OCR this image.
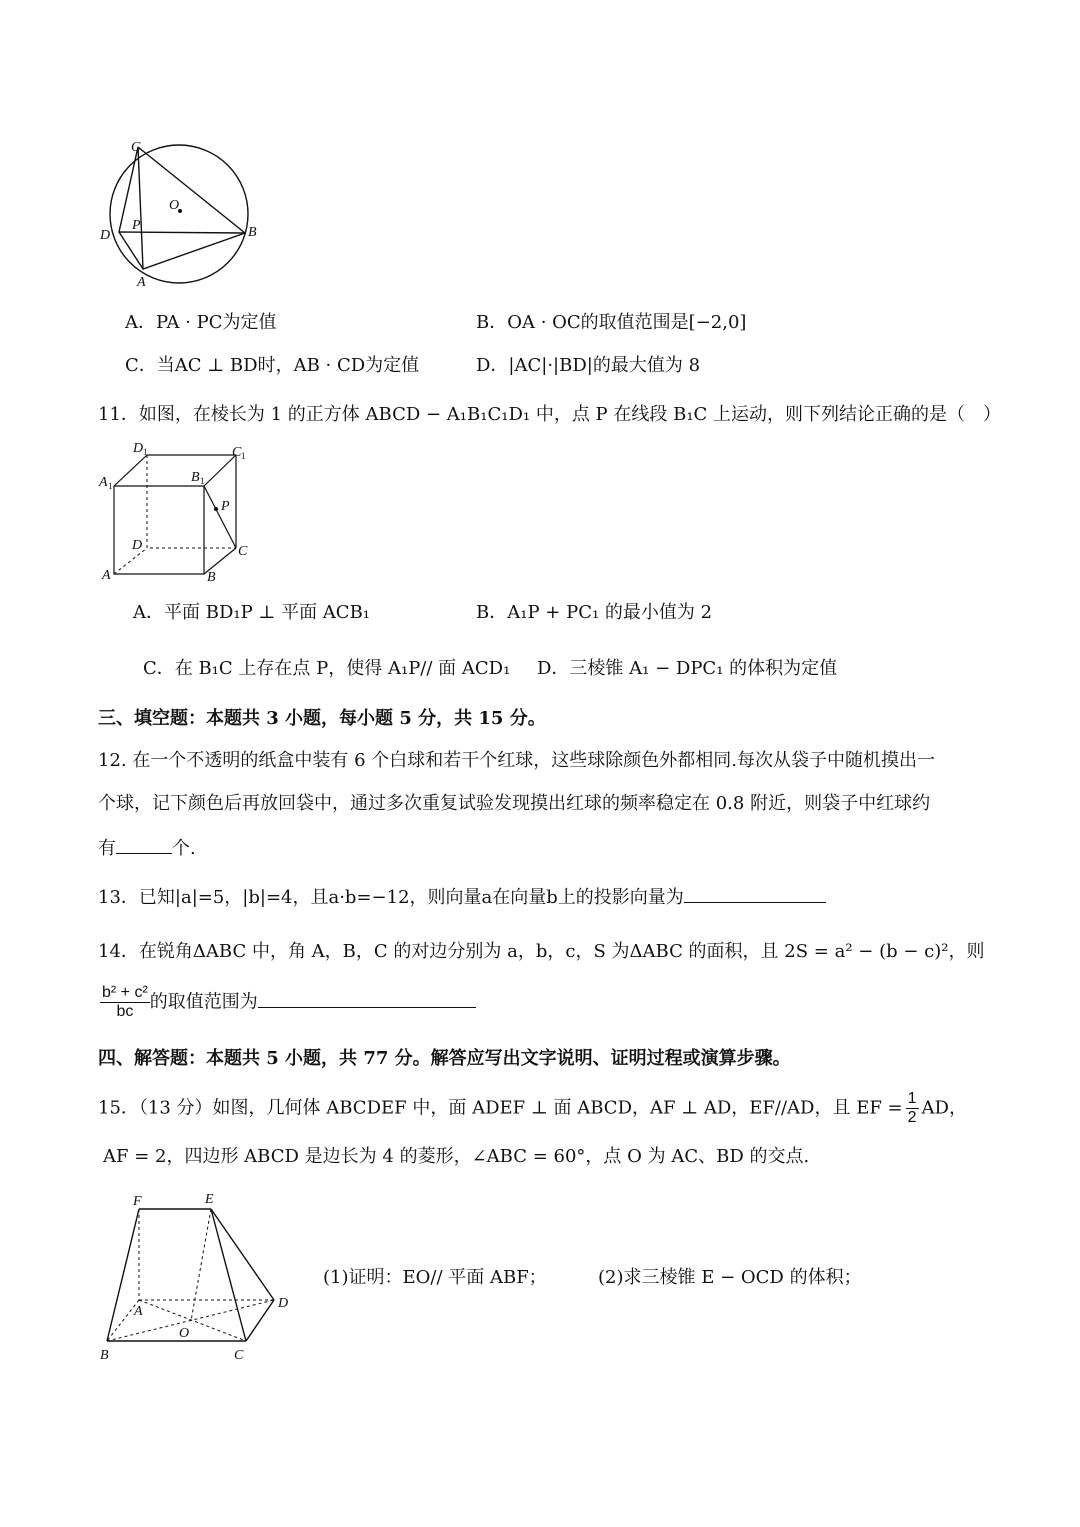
C
O
P
D	B
A
A．PA · PC为定值	B．OA · OC的取值范围是[−2,0]
C．当AC ⊥ BD时，AB · CD为定值	D．|AC|·|BD|的最大值为 8
11．如图，在棱长为 1 的正方体 ABCD − A₁B₁C₁D₁ 中，点 P 在线段 B₁C 上运动，则下列结论正确的是（　）
D 1	C 1
A 1
B 1
P
D	C
A	B
A．平面 BD₁P ⊥ 平面 ACB₁	B．A₁P + PC₁ 的最小值为 2
C．在 B₁C 上存在点 P，使得 A₁P// 面 ACD₁ D．三棱锥 A₁ − DPC₁ 的体积为定值
三、填空题：本题共 3 小题，每小题 5 分，共 15 分。
12. 在一个不透明的纸盒中装有 6 个白球和若干个红球，这些球除颜色外都相同.每次从袋子中随机摸出一
个球，记下颜色后再放回袋中，通过多次重复试验发现摸出红球的频率稳定在 0.8 附近，则袋子中红球约
有	个.
13．已知|a|=5，|b|=4，且a·b=−12，则向量a在向量b上的投影向量为
14．在锐角ΔABC 中，角 A，B，C 的对边分别为 a，b，c，S 为ΔABC 的面积，且 2S = a² − (b − c)²，则
$\frac{\text{b² + c²}}{bc}$ 的取值范围为
四、解答题：本题共 5 小题，共 77 分。解答应写出文字说明、证明过程或演算步骤。
15．（13 分）如图，几何体 ABCDEF 中，面 ADEF ⊥ 面 ABCD，AF ⊥ AD，EF//AD，且 EF = $\frac{1}{2}$ AD，
AF = 2，四边形 ABCD 是边长为 4 的菱形，∠ABC = 60°，点 O 为 AC、BD 的交点.
F	E
D
A
O
B	C
(1)证明：EO// 平面 ABF；	(2)求三棱锥 E − OCD 的体积；
